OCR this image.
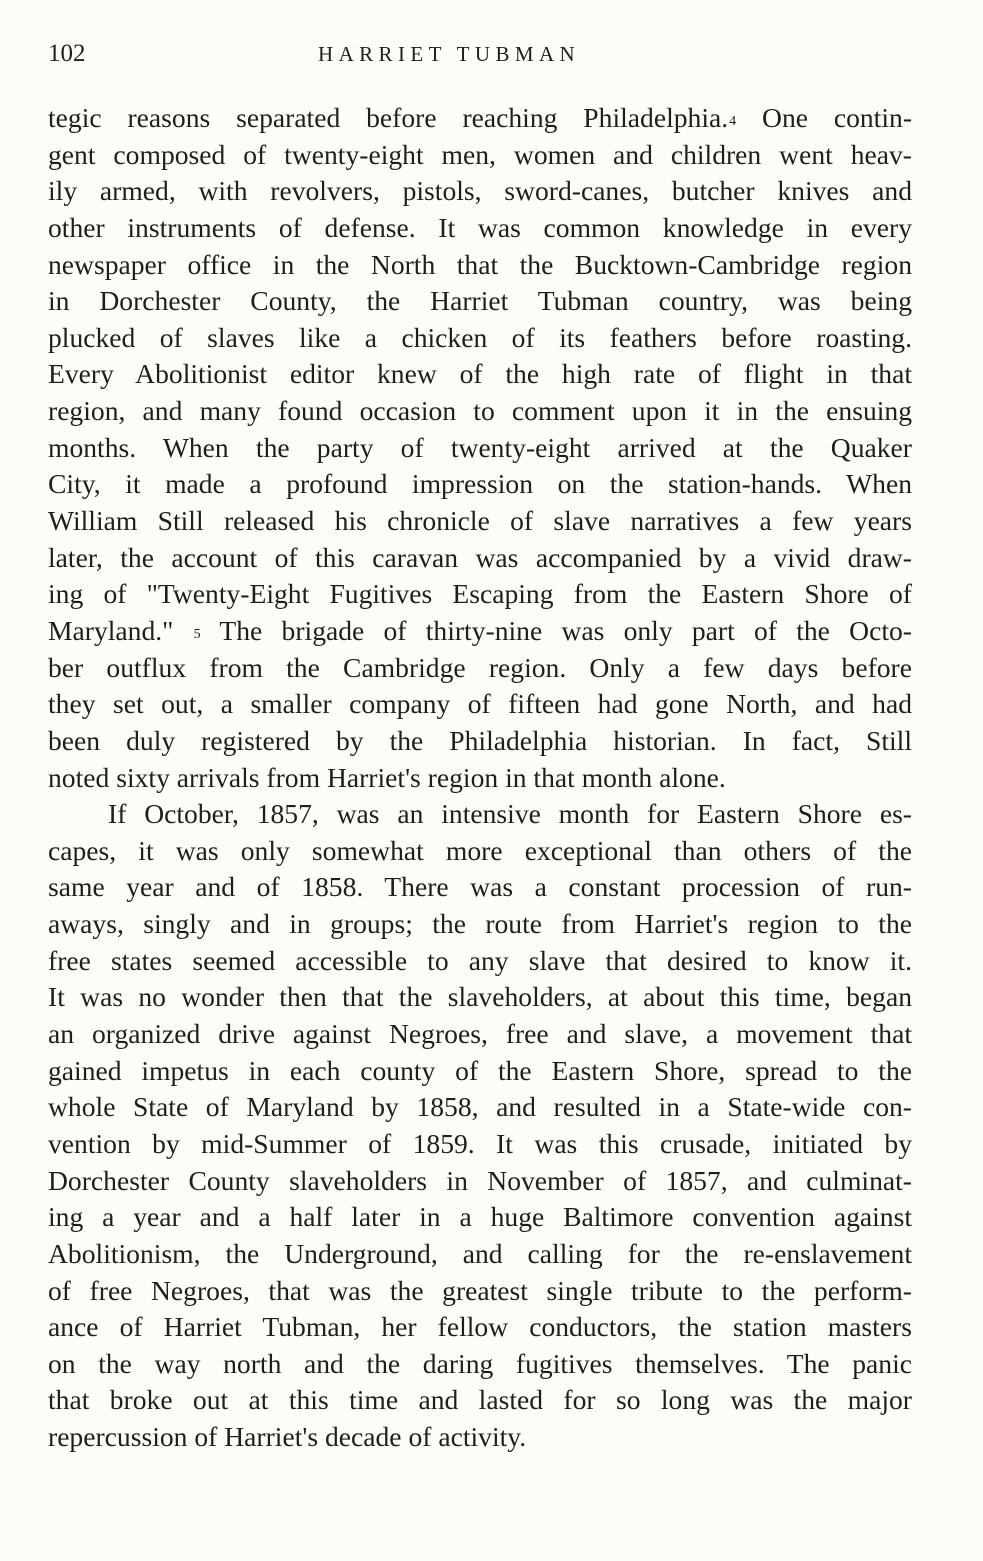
102	HARRIET TUBMAN
tegic reasons separated before reaching Philadelphia.$^4$ One contin-
gent composed of twenty-eight men, women and children went heav-
ily armed, with revolvers, pistols, sword-canes, butcher knives and
other instruments of defense. It was common knowledge in every
newspaper office in the North that the Bucktown-Cambridge region
in Dorchester County, the Harriet Tubman country, was being
plucked of slaves like a chicken of its feathers before roasting.
Every Abolitionist editor knew of the high rate of flight in that
region, and many found occasion to comment upon it in the ensuing
months. When the party of twenty-eight arrived at the Quaker
City, it made a profound impression on the station-hands. When
William Still released his chronicle of slave narratives a few years
later, the account of this caravan was accompanied by a vivid draw-
ing of "Twenty-Eight Fugitives Escaping from the Eastern Shore of
Maryland." $^5$ The brigade of thirty-nine was only part of the Octo-
ber outflux from the Cambridge region. Only a few days before
they set out, a smaller company of fifteen had gone North, and had
been duly registered by the Philadelphia historian. In fact, Still
noted sixty arrivals from Harriet's region in that month alone.
If October, 1857, was an intensive month for Eastern Shore es-
capes, it was only somewhat more exceptional than others of the
same year and of 1858. There was a constant procession of run-
aways, singly and in groups; the route from Harriet's region to the
free states seemed accessible to any slave that desired to know it.
It was no wonder then that the slaveholders, at about this time, began
an organized drive against Negroes, free and slave, a movement that
gained impetus in each county of the Eastern Shore, spread to the
whole State of Maryland by 1858, and resulted in a State-wide con-
vention by mid-Summer of 1859. It was this crusade, initiated by
Dorchester County slaveholders in November of 1857, and culminat-
ing a year and a half later in a huge Baltimore convention against
Abolitionism, the Underground, and calling for the re-enslavement
of free Negroes, that was the greatest single tribute to the perform-
ance of Harriet Tubman, her fellow conductors, the station masters
on the way north and the daring fugitives themselves. The panic
that broke out at this time and lasted for so long was the major
repercussion of Harriet's decade of activity.
